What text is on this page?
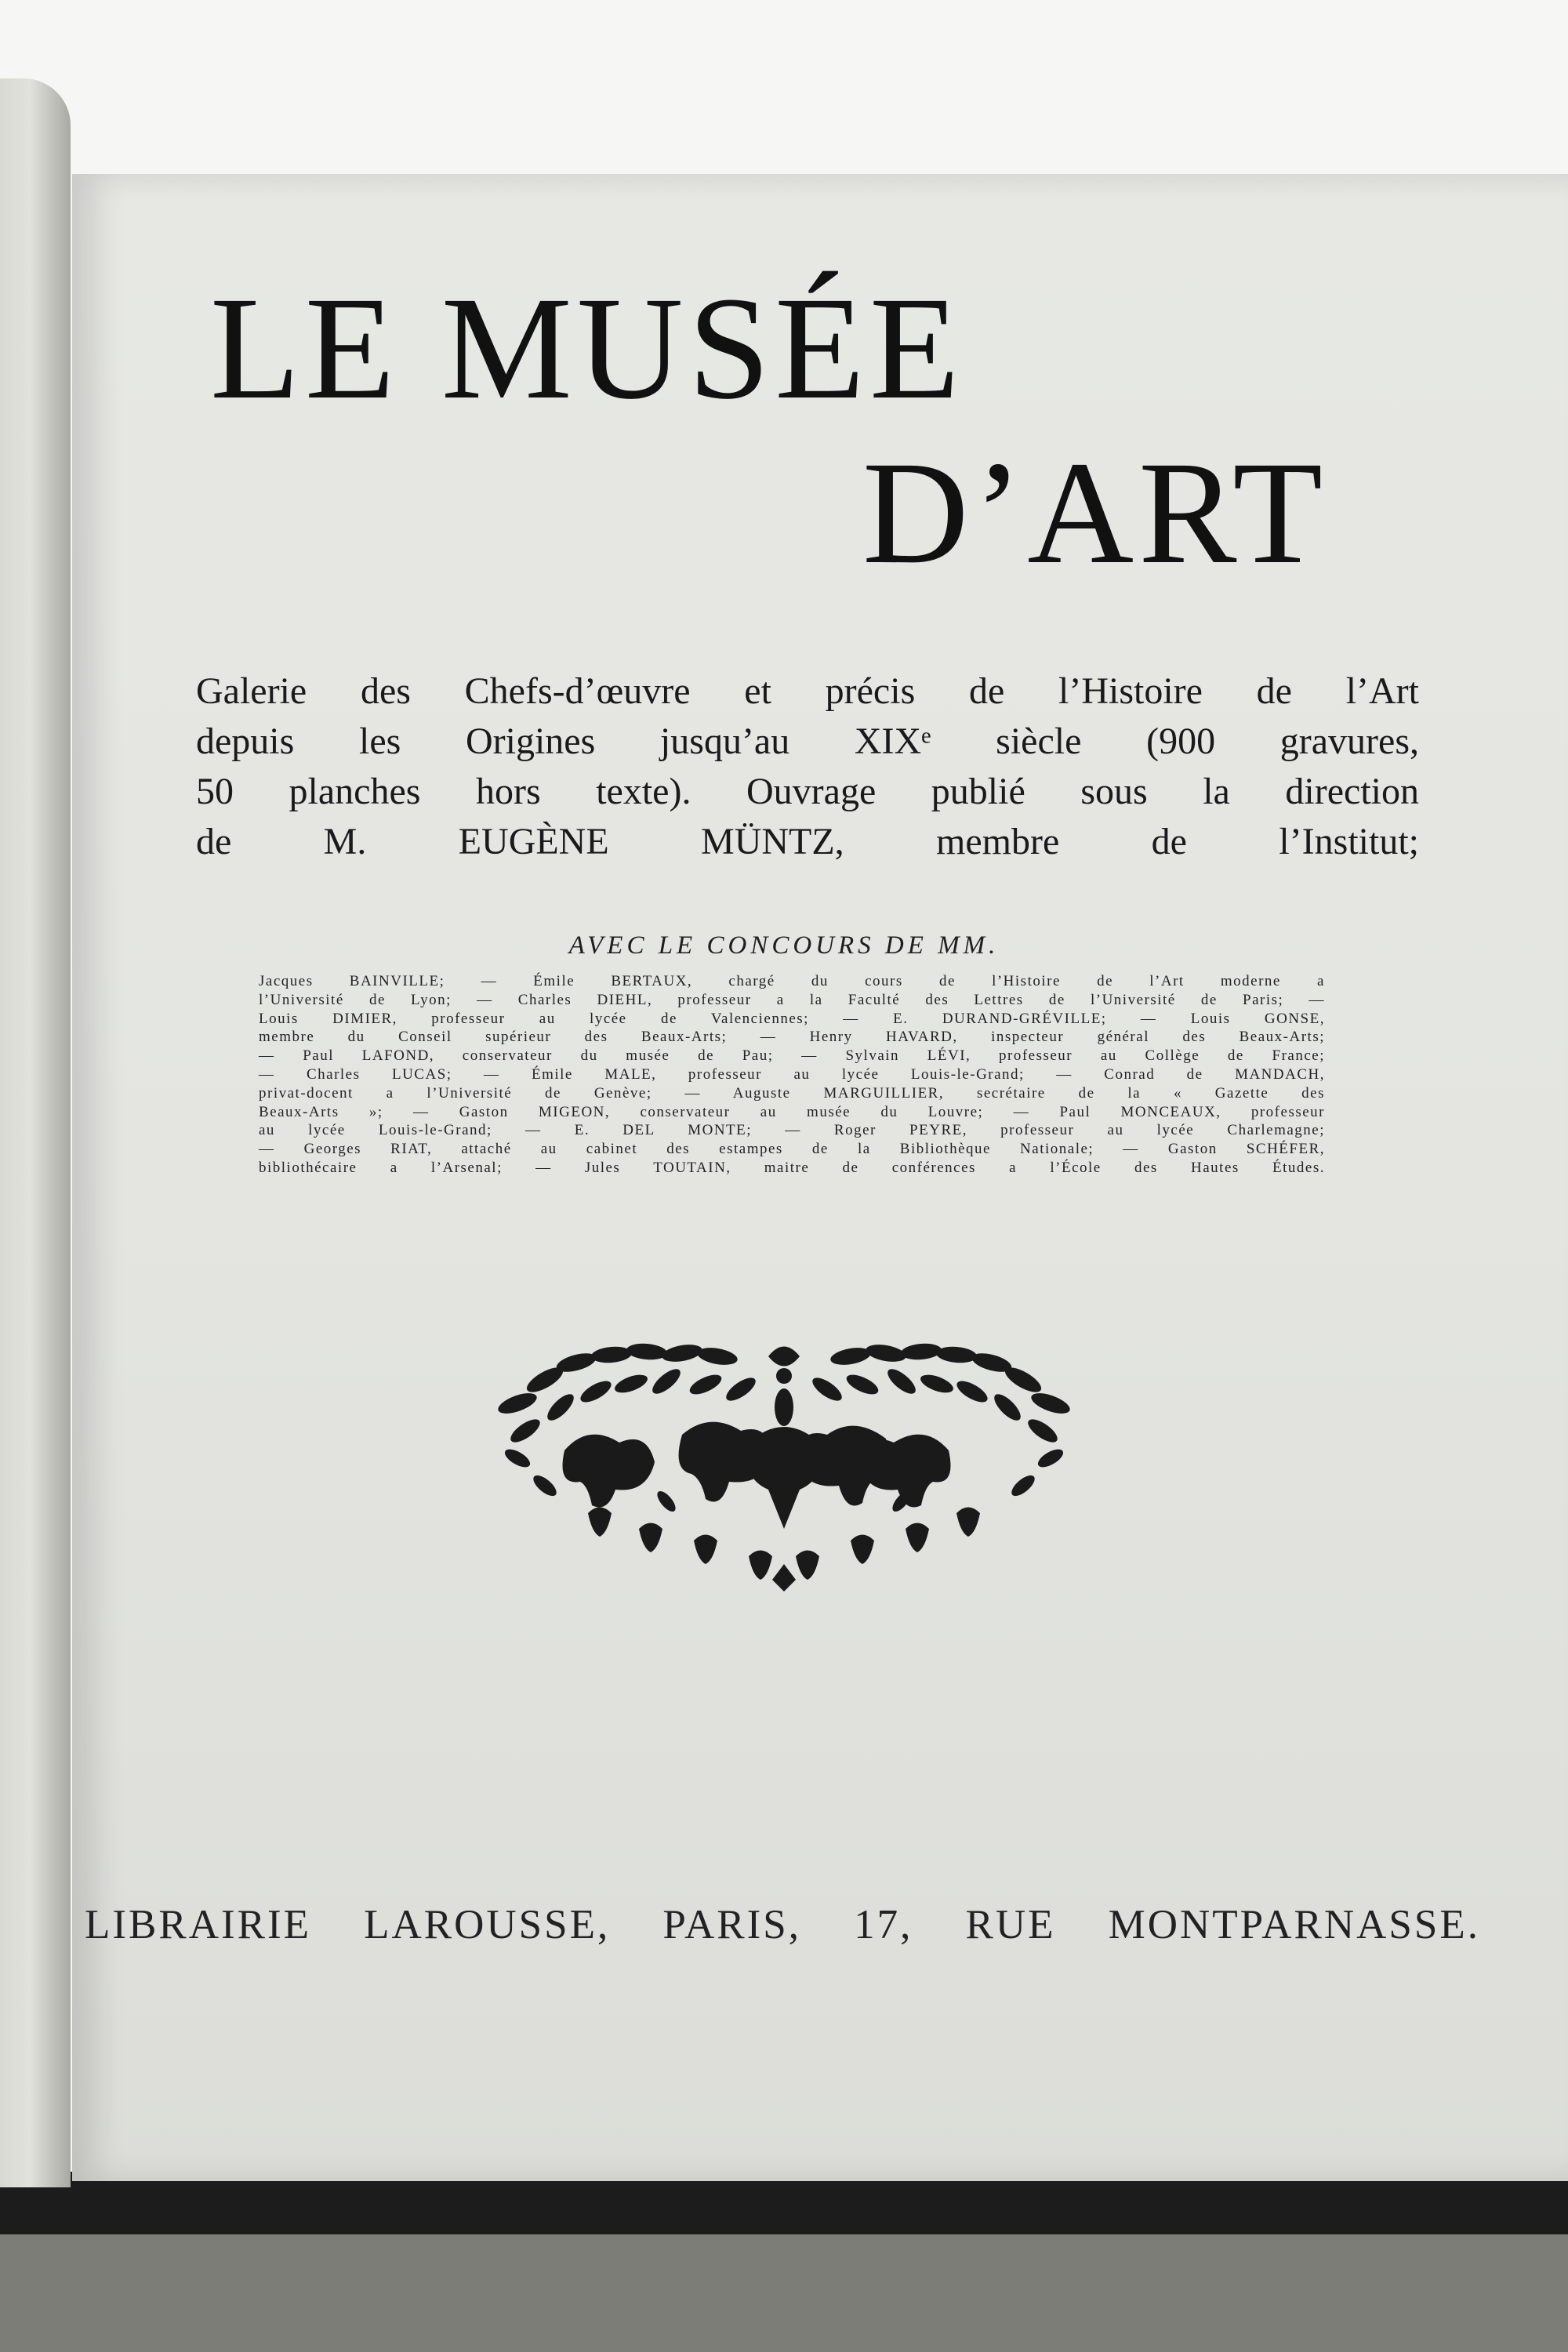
LE MUSÉE
D’ART

Galerie des Chefs-d’œuvre et précis de l’Histoire de l’Art
depuis les Origines jusqu’au XIXᵉ siècle (900 gravures,
50 planches hors texte). Ouvrage publié sous la direction
de M. EUGÈNE MÜNTZ, membre de l’Institut;

AVEC LE CONCOURS DE MM.
Jacques BAINVILLE; — Émile BERTAUX, chargé du cours de l’Histoire de l’Art moderne a
l’Université de Lyon; — Charles DIEHL, professeur a la Faculté des Lettres de l’Université de Paris; —
Louis DIMIER, professeur au lycée de Valenciennes; — E. DURAND-GRÉVILLE; — Louis GONSE,
membre du Conseil supérieur des Beaux-Arts; — Henry HAVARD, inspecteur général des Beaux-Arts;
— Paul LAFOND, conservateur du musée de Pau; — Sylvain LÉVI, professeur au Collège de France;
— Charles LUCAS; — Émile MALE, professeur au lycée Louis-le-Grand; — Conrad de MANDACH,
privat-docent a l’Université de Genève; — Auguste MARGUILLIER, secrétaire de la « Gazette des
Beaux-Arts »; — Gaston MIGEON, conservateur au musée du Louvre; — Paul MONCEAUX, professeur
au lycée Louis-le-Grand; — E. DEL MONTE; — Roger PEYRE, professeur au lycée Charlemagne;
— Georges RIAT, attaché au cabinet des estampes de la Bibliothèque Nationale; — Gaston SCHÉFER,
bibliothécaire a l’Arsenal; — Jules TOUTAIN, maitre de conférences a l’École des Hautes Études.

LIBRAIRIE LAROUSSE, PARIS, 17, RUE MONTPARNASSE.
